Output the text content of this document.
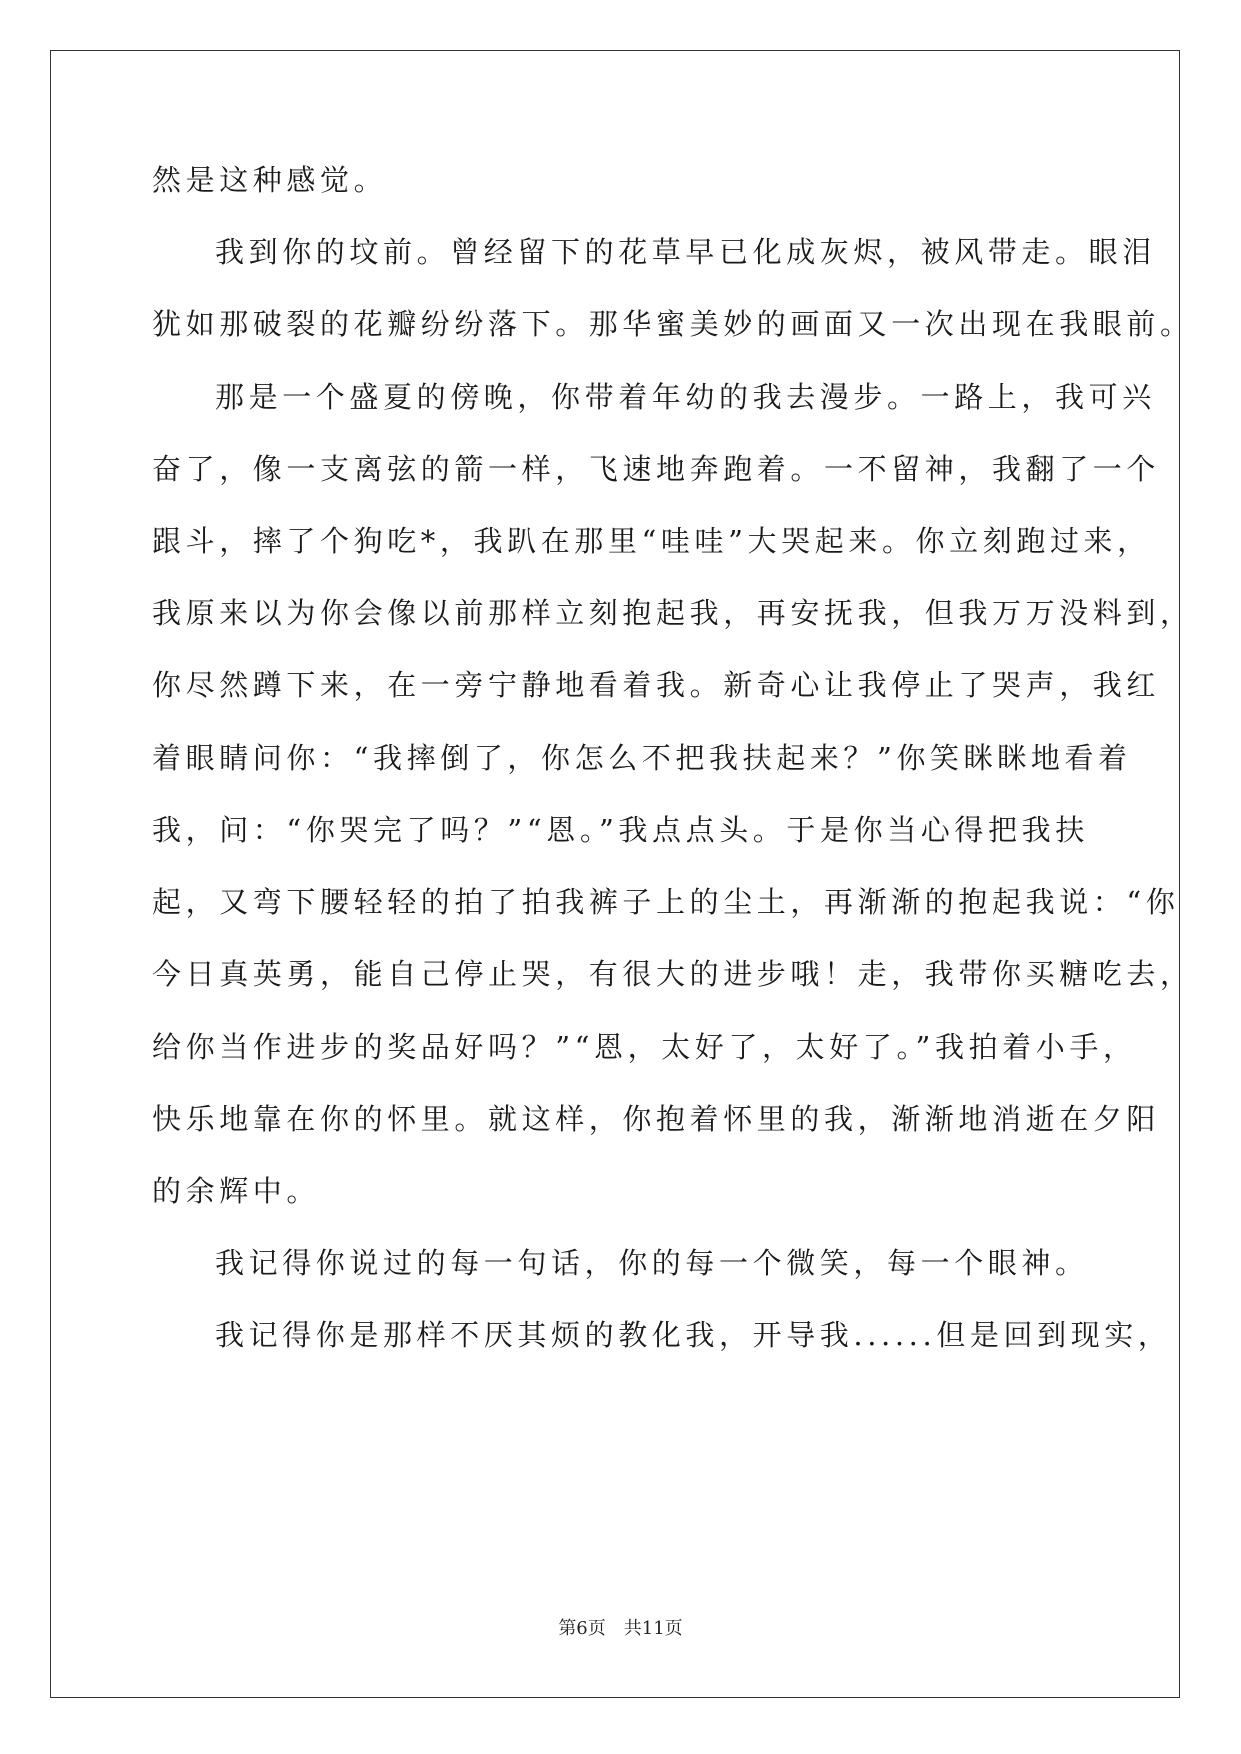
然是这种感觉。
我到你的坟前。曾经留下的花草早已化成灰烬，被风带走。眼泪
犹如那破裂的花瓣纷纷落下。那华蜜美妙的画面又一次出现在我眼前。
那是一个盛夏的傍晚，你带着年幼的我去漫步。一路上，我可兴
奋了，像一支离弦的箭一样，飞速地奔跑着。一不留神，我翻了一个
跟斗，摔了个狗吃*，我趴在那里“哇哇”大哭起来。你立刻跑过来，
我原来以为你会像以前那样立刻抱起我，再安抚我，但我万万没料到，
你尽然蹲下来，在一旁宁静地看着我。新奇心让我停止了哭声，我红
着眼睛问你：“我摔倒了，你怎么不把我扶起来？”你笑眯眯地看着
我，问：“你哭完了吗？”“恩。”我点点头。于是你当心得把我扶
起，又弯下腰轻轻的拍了拍我裤子上的尘土，再渐渐的抱起我说：“你
今日真英勇，能自己停止哭，有很大的进步哦！走，我带你买糖吃去，
给你当作进步的奖品好吗？”“恩，太好了，太好了。”我拍着小手，
快乐地靠在你的怀里。就这样，你抱着怀里的我，渐渐地消逝在夕阳
的余辉中。
我记得你说过的每一句话，你的每一个微笑，每一个眼神。
我记得你是那样不厌其烦的教化我，开导我......但是回到现实，
第6页　共11页
